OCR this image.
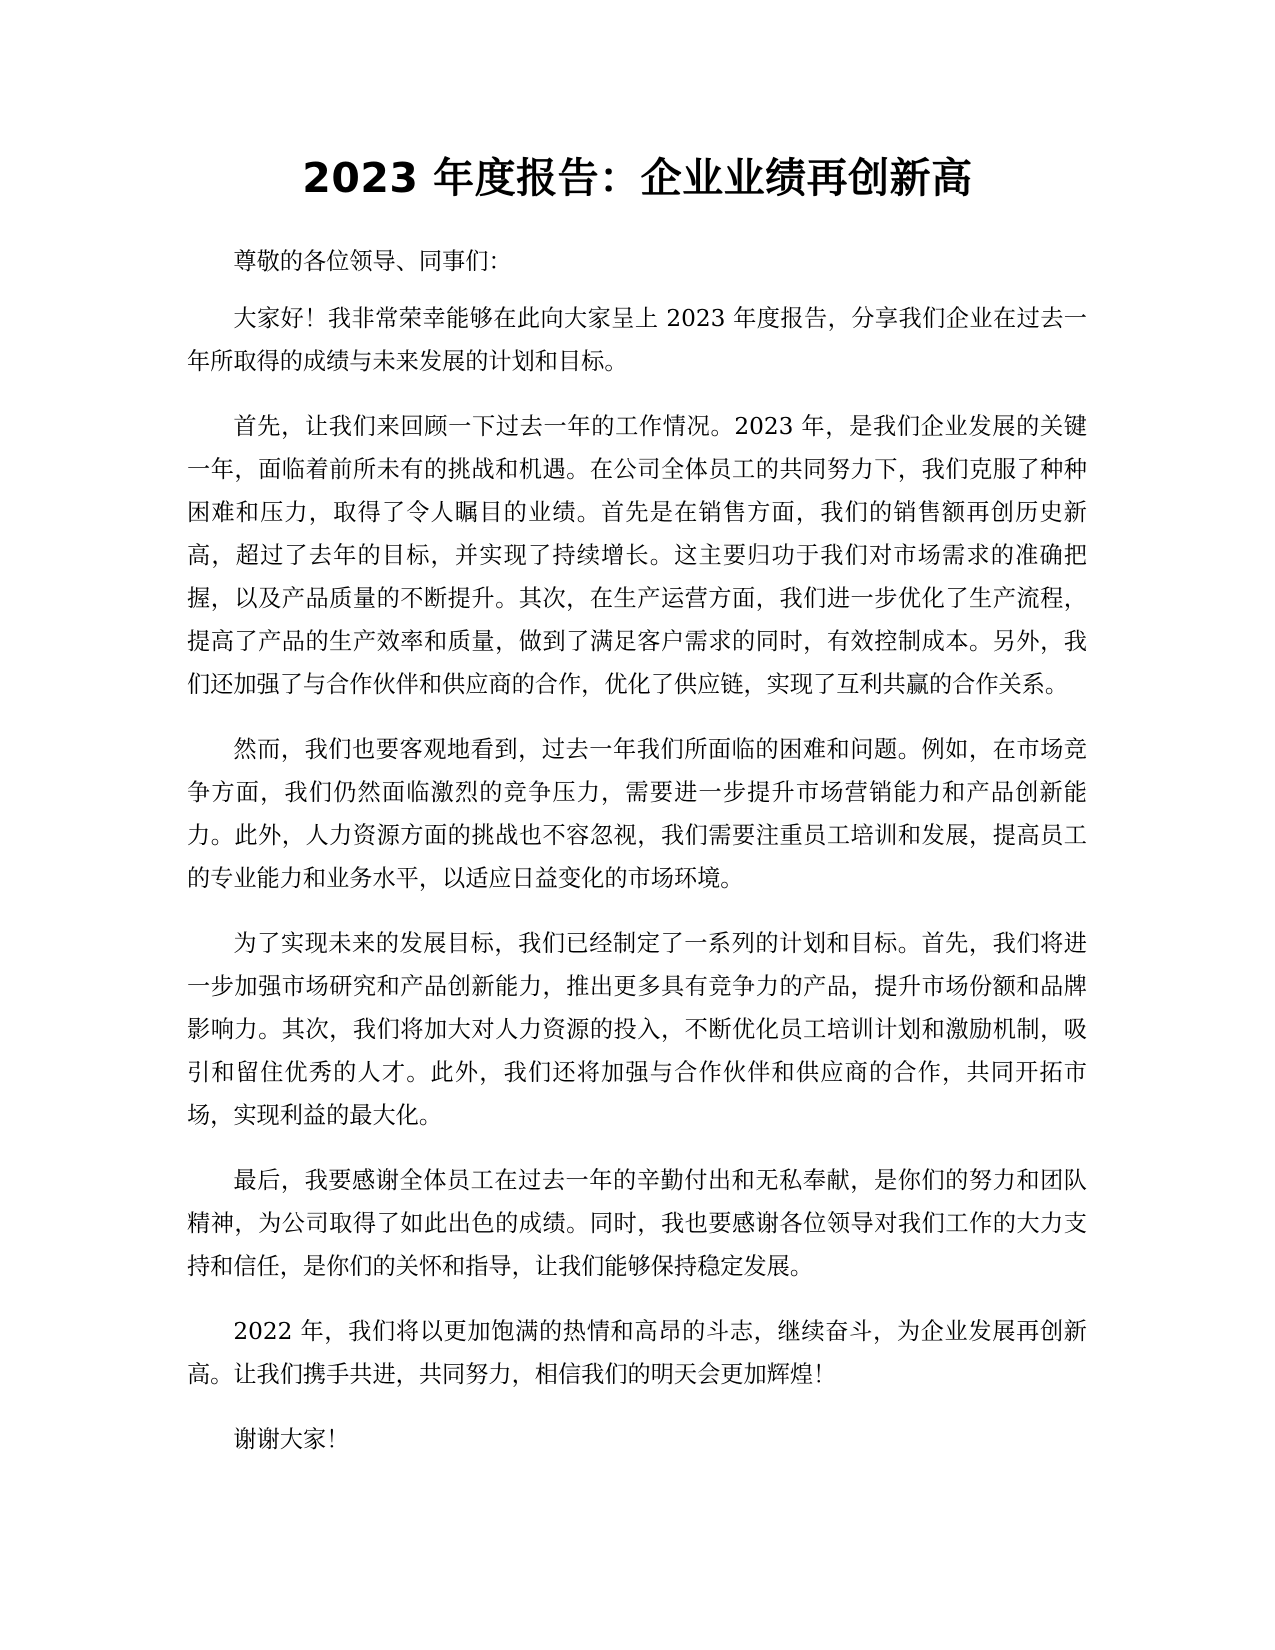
2023 年度报告：企业业绩再创新高

尊敬的各位领导、同事们：

大家好！我非常荣幸能够在此向大家呈上 2023 年度报告，分享我们企业在过去一年所取得的成绩与未来发展的计划和目标。

首先，让我们来回顾一下过去一年的工作情况。2023 年，是我们企业发展的关键一年，面临着前所未有的挑战和机遇。在公司全体员工的共同努力下，我们克服了种种困难和压力，取得了令人瞩目的业绩。首先是在销售方面，我们的销售额再创历史新高，超过了去年的目标，并实现了持续增长。这主要归功于我们对市场需求的准确把握，以及产品质量的不断提升。其次，在生产运营方面，我们进一步优化了生产流程，提高了产品的生产效率和质量，做到了满足客户需求的同时，有效控制成本。另外，我们还加强了与合作伙伴和供应商的合作，优化了供应链，实现了互利共赢的合作关系。

然而，我们也要客观地看到，过去一年我们所面临的困难和问题。例如，在市场竞争方面，我们仍然面临激烈的竞争压力，需要进一步提升市场营销能力和产品创新能力。此外，人力资源方面的挑战也不容忽视，我们需要注重员工培训和发展，提高员工的专业能力和业务水平，以适应日益变化的市场环境。

为了实现未来的发展目标，我们已经制定了一系列的计划和目标。首先，我们将进一步加强市场研究和产品创新能力，推出更多具有竞争力的产品，提升市场份额和品牌影响力。其次，我们将加大对人力资源的投入，不断优化员工培训计划和激励机制，吸引和留住优秀的人才。此外，我们还将加强与合作伙伴和供应商的合作，共同开拓市场，实现利益的最大化。

最后，我要感谢全体员工在过去一年的辛勤付出和无私奉献，是你们的努力和团队精神，为公司取得了如此出色的成绩。同时，我也要感谢各位领导对我们工作的大力支持和信任，是你们的关怀和指导，让我们能够保持稳定发展。

2022 年，我们将以更加饱满的热情和高昂的斗志，继续奋斗，为企业发展再创新高。让我们携手共进，共同努力，相信我们的明天会更加辉煌！

谢谢大家！
